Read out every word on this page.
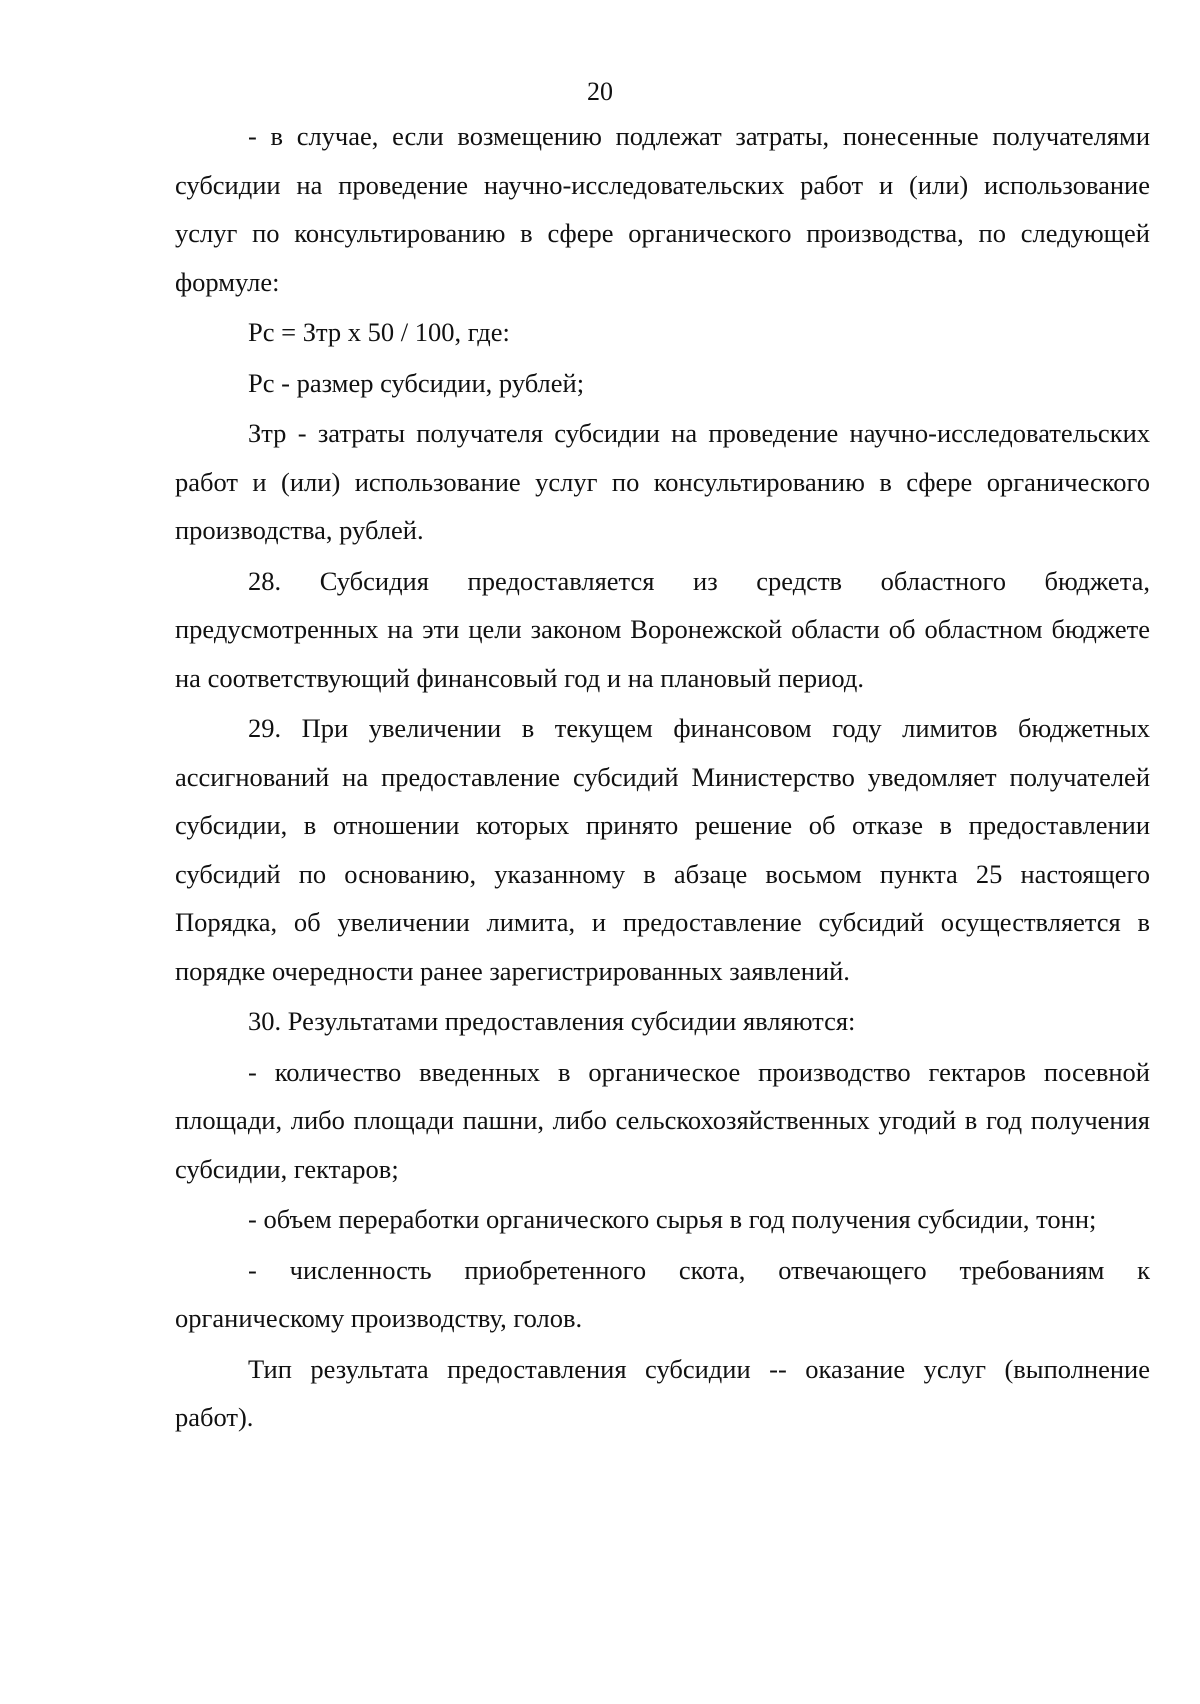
20

- в случае, если возмещению подлежат затраты, понесенные получателями субсидии на проведение научно-исследовательских работ и (или) использование услуг по консультированию в сфере органического производства, по следующей формуле:

Рс = Зтр х 50 / 100, где:

Рс - размер субсидии, рублей;

Зтр - затраты получателя субсидии на проведение научно-исследовательских работ и (или) использование услуг по консультированию в сфере органического производства, рублей.

28. Субсидия предоставляется из средств областного бюджета, предусмотренных на эти цели законом Воронежской области об областном бюджете на соответствующий финансовый год и на плановый период.

29. При увеличении в текущем финансовом году лимитов бюджетных ассигнований на предоставление субсидий Министерство уведомляет получателей субсидии, в отношении которых принято решение об отказе в предоставлении субсидий по основанию, указанному в абзаце восьмом пункта 25 настоящего Порядка, об увеличении лимита, и предоставление субсидий осуществляется в порядке очередности ранее зарегистрированных заявлений.

30. Результатами предоставления субсидии являются:

- количество введенных в органическое производство гектаров посевной площади, либо площади пашни, либо сельскохозяйственных угодий в год получения субсидии, гектаров;

- объем переработки органического сырья в год получения субсидии, тонн;

- численность приобретенного скота, отвечающего требованиям к органическому производству, голов.

Тип результата предоставления субсидии -- оказание услуг (выполнение работ).
